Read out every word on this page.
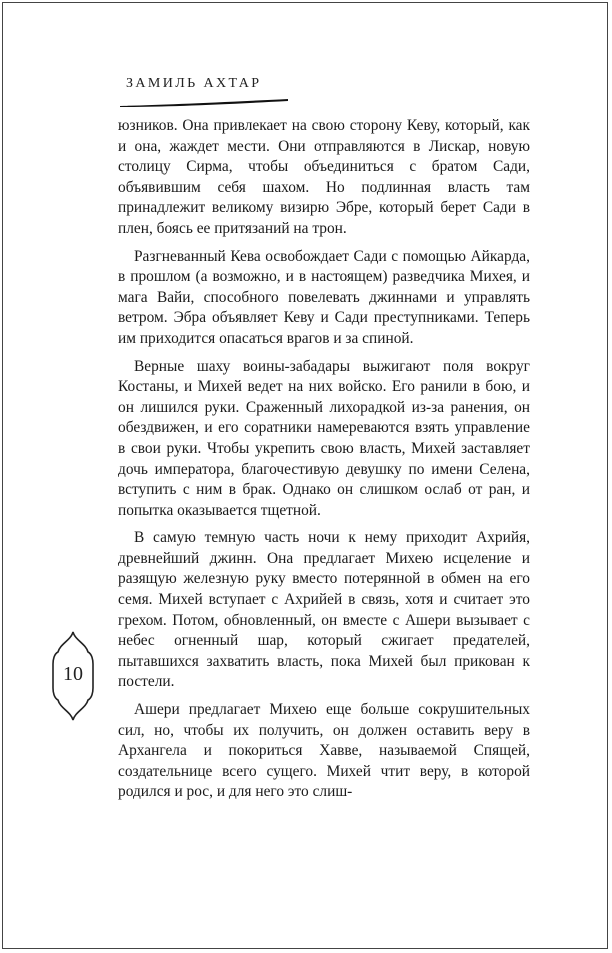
ЗАМИЛЬ АХТАР

юзников. Она привлекает на свою сторону Кеву, который, как и она, жаждет мести. Они отправляются в Лискар, новую столицу Сирма, чтобы объединиться с братом Сади, объявившим себя шахом. Но подлинная власть там принадлежит великому визирю Эбре, который берет Сади в плен, боясь ее притязаний на трон.

Разгневанный Кева освобождает Сади с помощью Айкарда, в прошлом (а возможно, и в настоящем) разведчика Михея, и мага Вайи, способного повелевать джиннами и управлять ветром. Эбра объявляет Кеву и Сади преступниками. Теперь им приходится опасаться врагов и за спиной.

Верные шаху воины-забадары выжигают поля вокруг Костаны, и Михей ведет на них войско. Его ранили в бою, и он лишился руки. Сраженный лихорадкой из-за ранения, он обездвижен, и его соратники намереваются взять управление в свои руки. Чтобы укрепить свою власть, Михей заставляет дочь императора, благочестивую девушку по имени Селена, вступить с ним в брак. Однако он слишком ослаб от ран, и попытка оказывается тщетной.

В самую темную часть ночи к нему приходит Ахрийя, древнейший джинн. Она предлагает Михею исцеление и разящую железную руку вместо потерянной в обмен на его семя. Михей вступает с Ахрийей в связь, хотя и считает это грехом. Потом, обновленный, он вместе с Ашери вызывает с небес огненный шар, который сжигает предателей, пытавшихся захватить власть, пока Михей был прикован к постели.

Ашери предлагает Михею еще больше сокрушительных сил, но, чтобы их получить, он должен оставить веру в Архангела и покориться Хавве, называемой Спящей, создательнице всего сущего. Михей чтит веру, в которой родился и рос, и для него это слиш-

10
